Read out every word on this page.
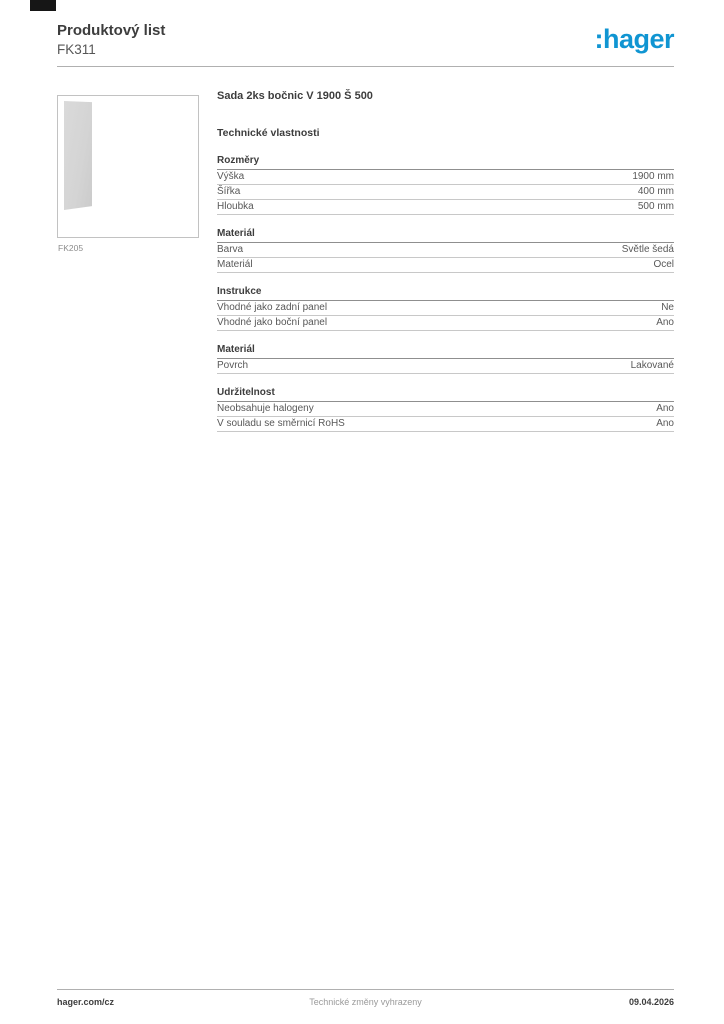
Produktový list
FK311	:hager
FK205
Sada 2ks bočnic V 1900 Š 500
Technické vlastnosti
Rozměry
Výška	1900 mm
Šířka	400 mm
Hloubka	500 mm
Materiál
Barva	Světle šedá
Materiál	Ocel
Instrukce
Vhodné jako zadní panel	Ne
Vhodné jako boční panel	Ano
Materiál
Povrch	Lakované
Udržitelnost
Neobsahuje halogeny	Ano
V souladu se směrnicí RoHS	Ano
hager.com/cz	Technické změny vyhrazeny	09.04.2026
